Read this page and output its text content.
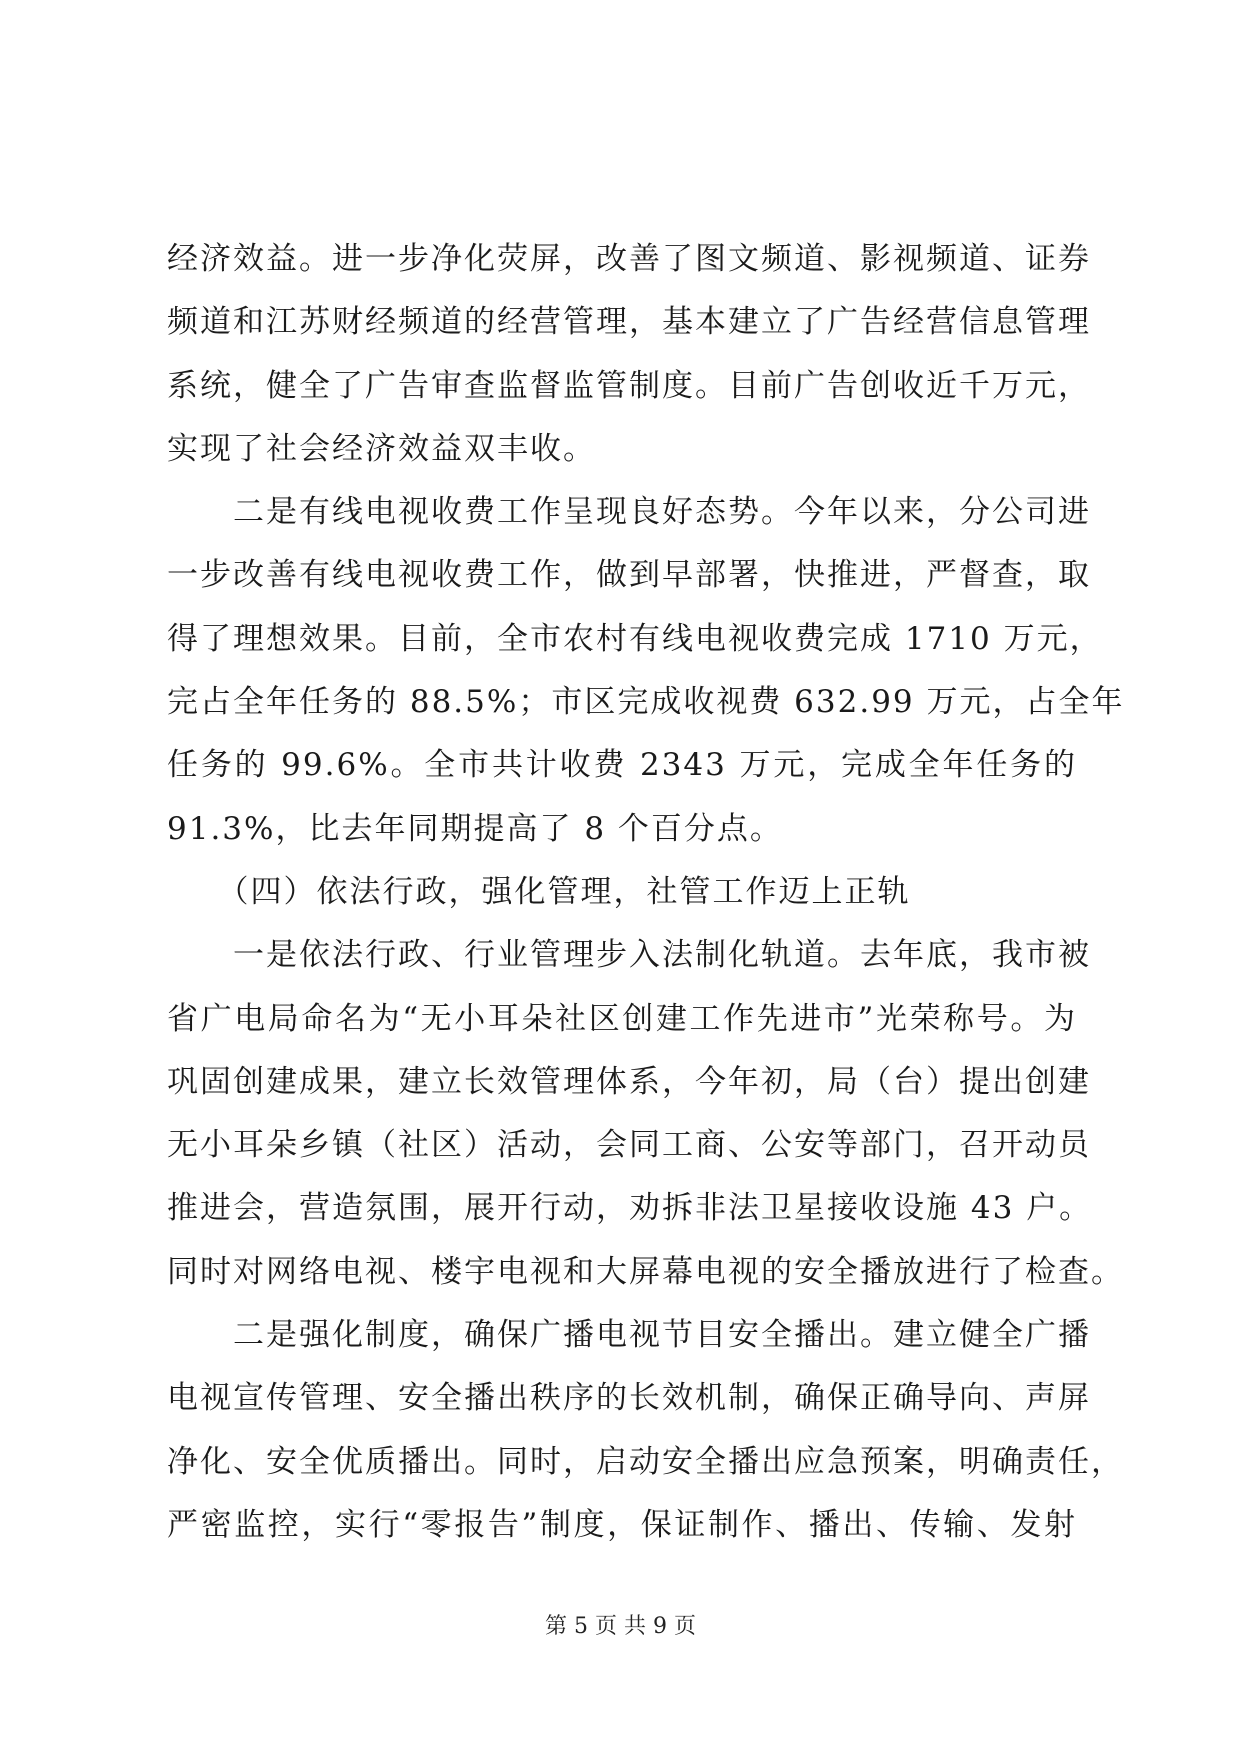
经济效益。进一步净化荧屏，改善了图文频道、影视频道、证券
频道和江苏财经频道的经营管理，基本建立了广告经营信息管理
系统，健全了广告审查监督监管制度。目前广告创收近千万元，
实现了社会经济效益双丰收。
　　二是有线电视收费工作呈现良好态势。今年以来，分公司进
一步改善有线电视收费工作，做到早部署，快推进，严督查，取
得了理想效果。目前，全市农村有线电视收费完成 1710 万元，
完占全年任务的 88.5%；市区完成收视费 632.99 万元，占全年
任务的 99.6%。全市共计收费 2343 万元，完成全年任务的
91.3%，比去年同期提高了 8 个百分点。
　　（四）依法行政，强化管理，社管工作迈上正轨
　　一是依法行政、行业管理步入法制化轨道。去年底，我市被
省广电局命名为“无小耳朵社区创建工作先进市”光荣称号。为
巩固创建成果，建立长效管理体系，今年初，局（台）提出创建
无小耳朵乡镇（社区）活动，会同工商、公安等部门，召开动员
推进会，营造氛围，展开行动，劝拆非法卫星接收设施 43 户。
同时对网络电视、楼宇电视和大屏幕电视的安全播放进行了检查。
　　二是强化制度，确保广播电视节目安全播出。建立健全广播
电视宣传管理、安全播出秩序的长效机制，确保正确导向、声屏
净化、安全优质播出。同时，启动安全播出应急预案，明确责任，
严密监控，实行“零报告”制度，保证制作、播出、传输、发射
第 5 页 共 9 页
